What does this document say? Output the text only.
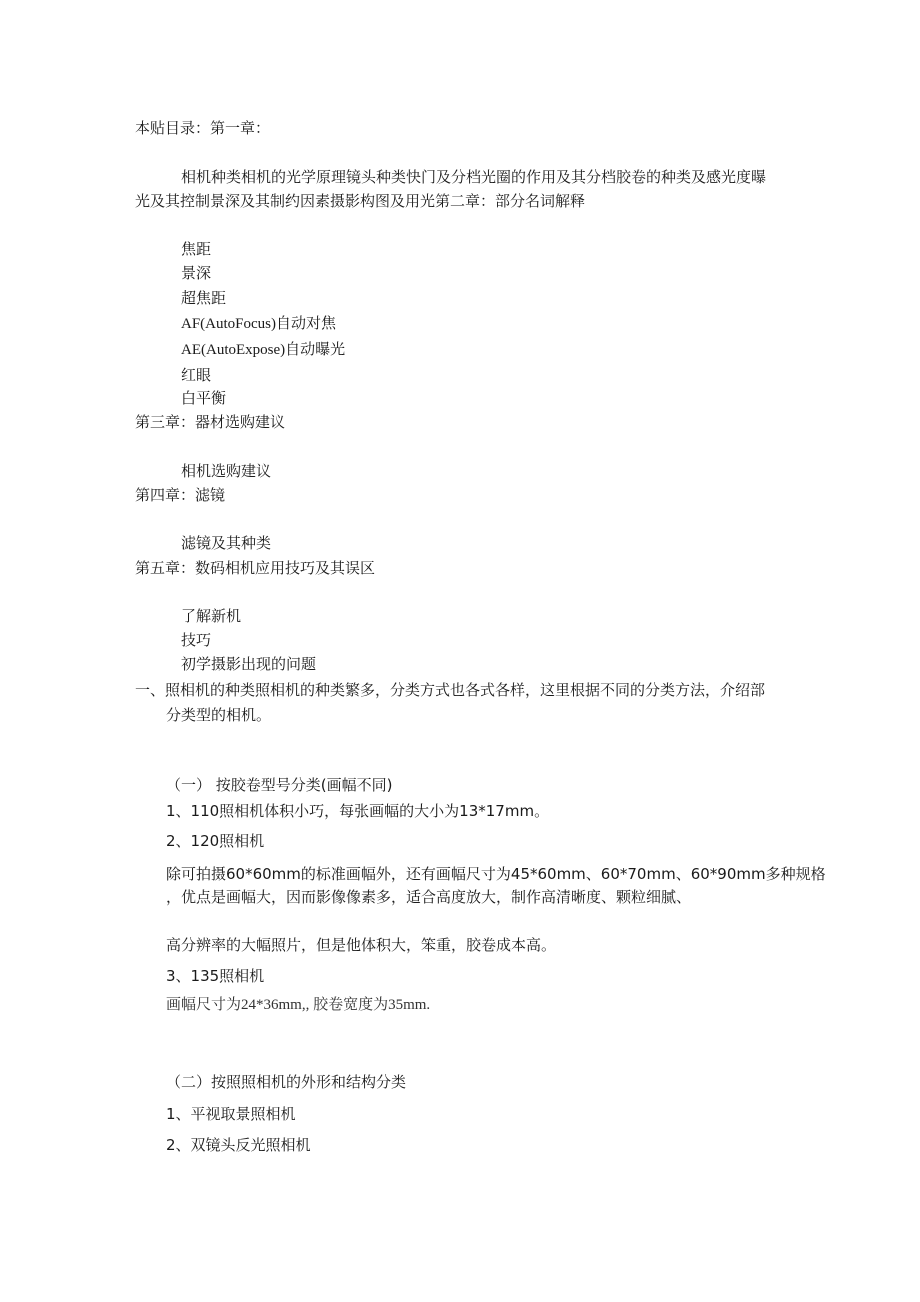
本贴目录：第一章：
相机种类相机的光学原理镜头种类快门及分档光圈的作用及其分档胶卷的种类及感光度曝
光及其控制景深及其制约因素摄影构图及用光第二章：部分名词解释
焦距
景深
超焦距
AF(AutoFocus)自动对焦
AE(AutoExpose)自动曝光
红眼
白平衡
第三章：器材选购建议
相机选购建议
第四章：滤镜
滤镜及其种类
第五章：数码相机应用技巧及其误区
了解新机
技巧
初学摄影出现的问题
一、照相机的种类照相机的种类繁多，分类方式也各式各样，这里根据不同的分类方法，介绍部
分类型的相机。
（一） 按胶卷型号分类(画幅不同)
1、110照相机体积小巧，每张画幅的大小为13*17mm。
2、120照相机
除可拍摄60*60mm的标准画幅外，还有画幅尺寸为45*60mm、60*70mm、60*90mm多种规格
，优点是画幅大，因而影像像素多，适合高度放大，制作高清晰度、颗粒细腻、
高分辨率的大幅照片，但是他体积大，笨重，胶卷成本高。
3、135照相机
画幅尺寸为24*36mm,, 胶卷宽度为35mm.
（二）按照照相机的外形和结构分类
1、平视取景照相机
2、双镜头反光照相机
